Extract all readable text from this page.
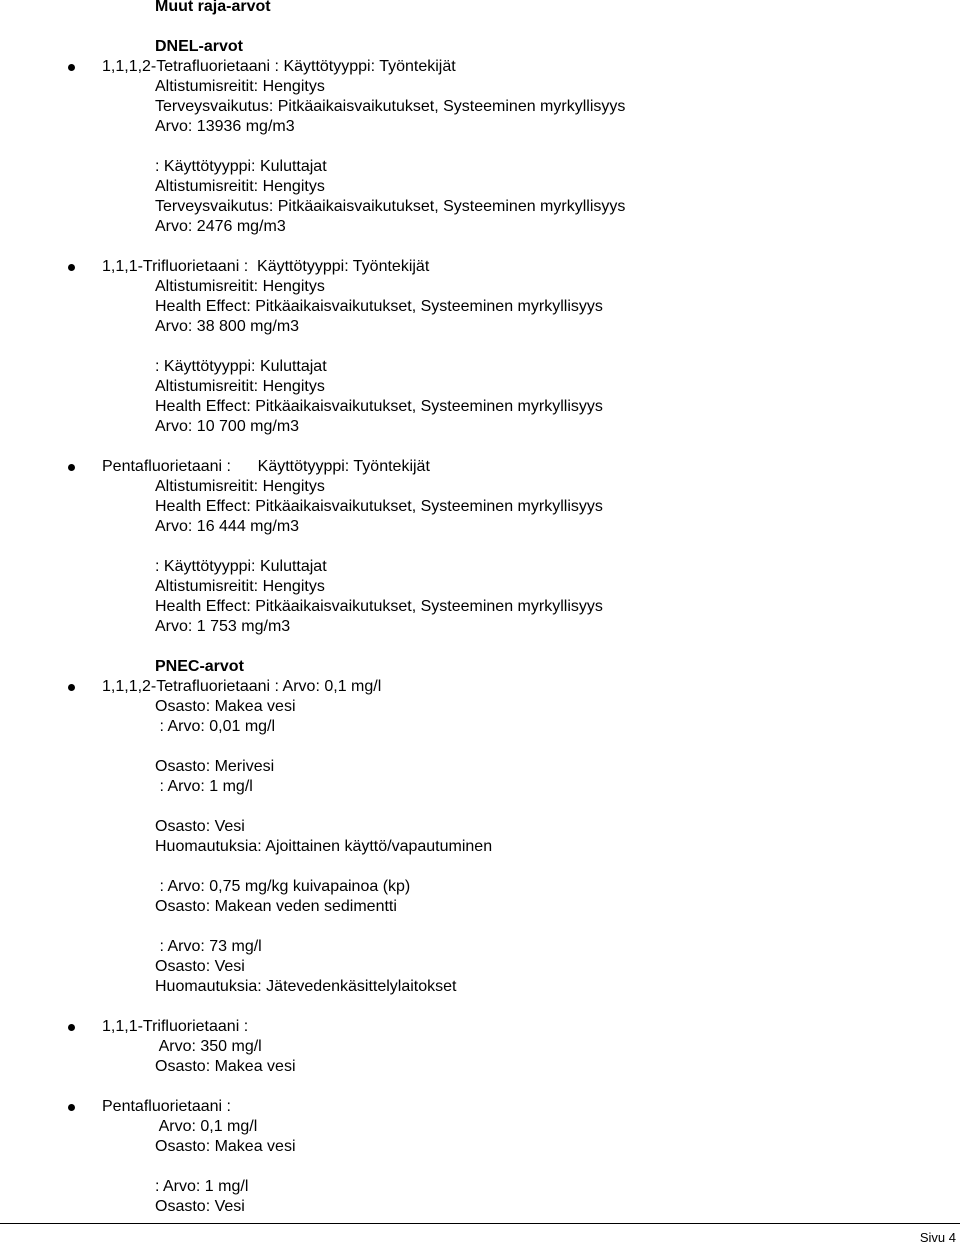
Muut raja-arvot
DNEL-arvot
1,1,1,2-Tetrafluorietaani : Käyttötyyppi: Työntekijät
Altistumisreitit: Hengitys
Terveysvaikutus: Pitkäaikaisvaikutukset, Systeeminen myrkyllisyys
Arvo: 13936 mg/m3
: Käyttötyyppi: Kuluttajat
Altistumisreitit: Hengitys
Terveysvaikutus: Pitkäaikaisvaikutukset, Systeeminen myrkyllisyys
Arvo: 2476 mg/m3
1,1,1-Trifluorietaani :  Käyttötyyppi: Työntekijät
Altistumisreitit: Hengitys
Health Effect: Pitkäaikaisvaikutukset, Systeeminen myrkyllisyys
Arvo: 38 800 mg/m3
: Käyttötyyppi: Kuluttajat
Altistumisreitit: Hengitys
Health Effect: Pitkäaikaisvaikutukset, Systeeminen myrkyllisyys
Arvo: 10 700 mg/m3
Pentafluorietaani :      Käyttötyyppi: Työntekijät
Altistumisreitit: Hengitys
Health Effect: Pitkäaikaisvaikutukset, Systeeminen myrkyllisyys
Arvo: 16 444 mg/m3
: Käyttötyyppi: Kuluttajat
Altistumisreitit: Hengitys
Health Effect: Pitkäaikaisvaikutukset, Systeeminen myrkyllisyys
Arvo: 1 753 mg/m3
PNEC-arvot
1,1,1,2-Tetrafluorietaani : Arvo: 0,1 mg/l
Osasto: Makea vesi
: Arvo: 0,01 mg/l
Osasto: Merivesi
: Arvo: 1 mg/l
Osasto: Vesi
Huomautuksia: Ajoittainen käyttö/vapautuminen
: Arvo: 0,75 mg/kg kuivapainoa (kp)
Osasto: Makean veden sedimentti
: Arvo: 73 mg/l
Osasto: Vesi
Huomautuksia: Jätevedenkäsittelylaitokset
1,1,1-Trifluorietaani :
Arvo: 350 mg/l
Osasto: Makea vesi
Pentafluorietaani :
Arvo: 0,1 mg/l
Osasto: Makea vesi
: Arvo: 1 mg/l
Osasto: Vesi
Sivu 4
